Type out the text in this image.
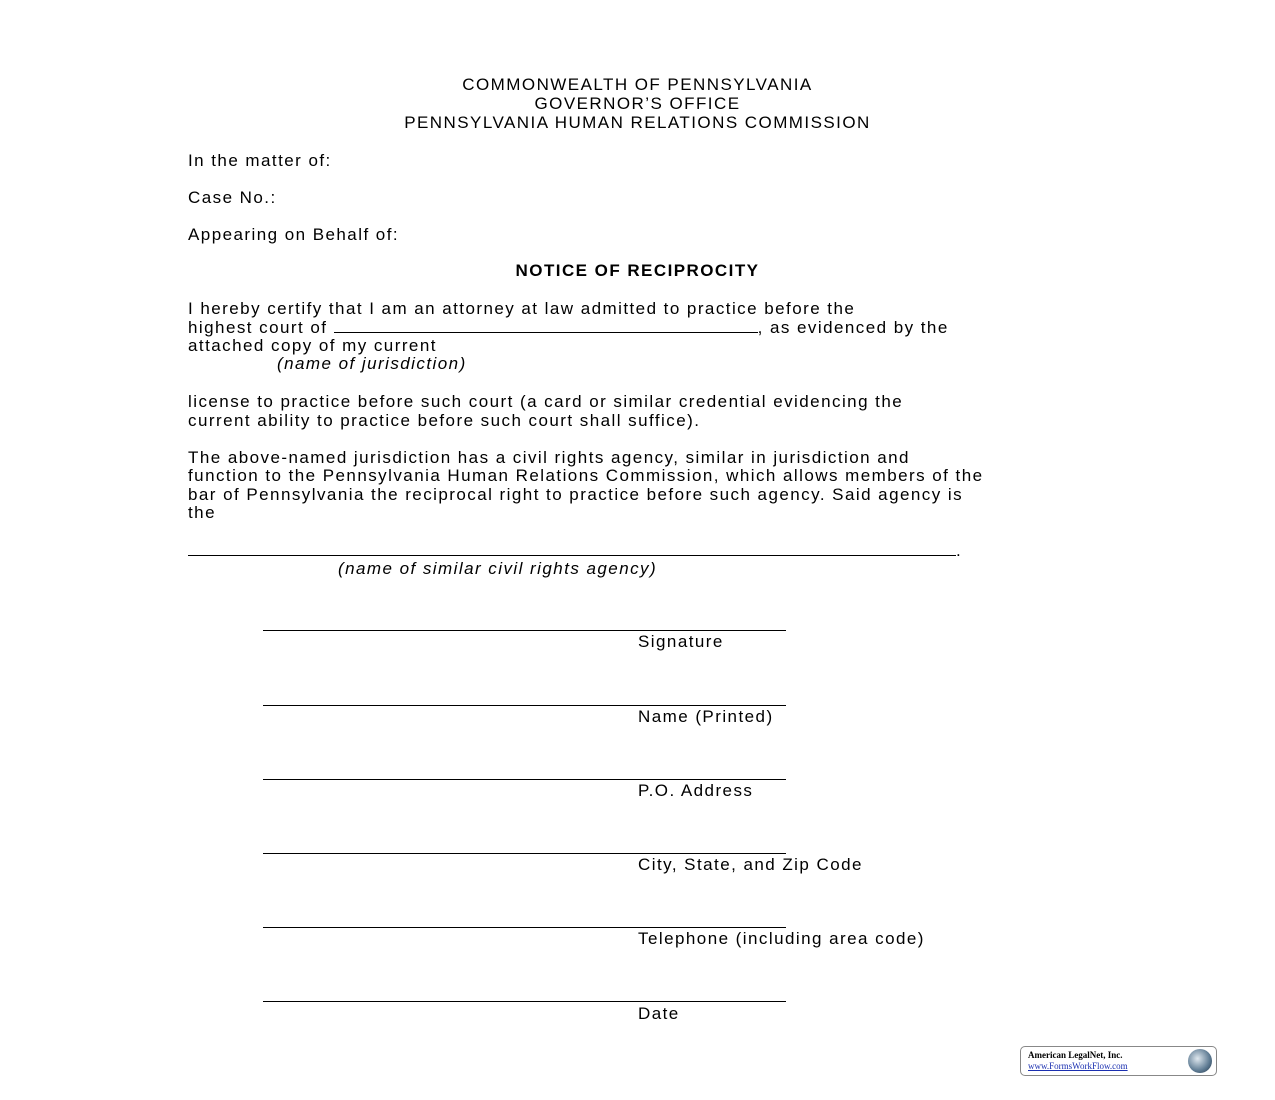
COMMONWEALTH OF PENNSYLVANIA
GOVERNOR’S OFFICE
PENNSYLVANIA HUMAN RELATIONS COMMISSION
In the matter of:
Case No.:
Appearing on Behalf of:
NOTICE OF RECIPROCITY
I hereby certify that I am an attorney at law admitted to practice before the
highest court of	, as evidenced by the
attached copy of my current
(name of jurisdiction)
license to practice before such court (a card or similar credential evidencing the
current ability to practice before such court shall suffice).
The above-named jurisdiction has a civil rights agency, similar in jurisdiction and
function to the Pennsylvania Human Relations Commission, which allows members of the
bar of Pennsylvania the reciprocal right to practice before such agency. Said agency is
the
.
(name of similar civil rights agency)
Signature
Name (Printed)
P.O. Address
City, State, and Zip Code
Telephone (including area code)
Date
American LegalNet, Inc.
www.FormsWorkFlow.com
